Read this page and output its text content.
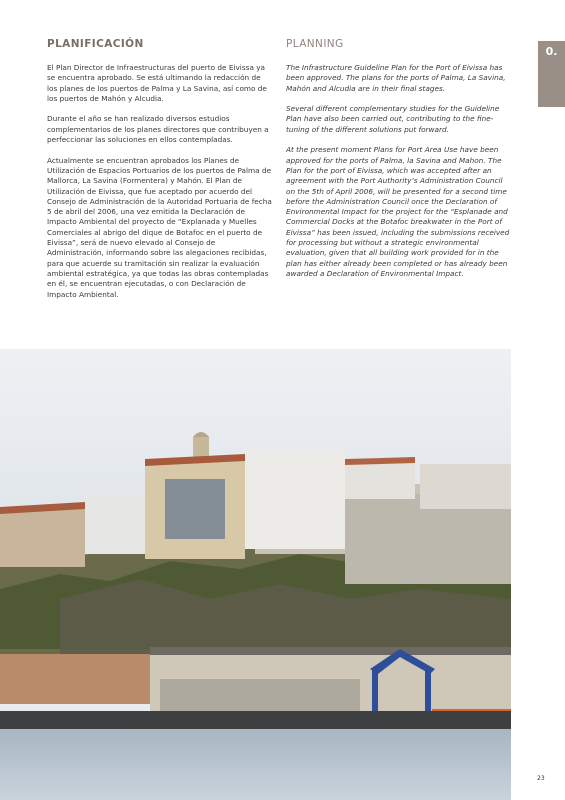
PLANIFICACIÓN

El Plan Director de Infraestructuras del puerto de Eivissa ya se encuentra aprobado. Se está ultimando la redacción de los planes de los puertos de Palma y La Savina, así como de los puertos de Mahón y Alcudia.

Durante el año se han realizado diversos estudios complementarios de los planes directores que contribuyen a perfeccionar las soluciones en ellos contempladas.

Actualmente se encuentran aprobados los Planes de Utilización de Espacios Portuarios de los puertos de Palma de Mallorca, La Savina (Formentera) y Mahón. El Plan de Utilización de Eivissa, que fue aceptado por acuerdo del Consejo de Administración de la Autoridad Portuaria de fecha 5 de abril del 2006, una vez emitida la Declaración de Impacto Ambiental del proyecto de “Explanada y Muelles Comerciales al abrigo del dique de Botafoc en el puerto de Eivissa”, será de nuevo elevado al Consejo de Administración, informando sobre las alegaciones recibidas, para que acuerde su tramitación sin realizar la evaluación ambiental estratégica, ya que todas las obras contempladas en él, se encuentran ejecutadas, o con Declaración de Impacto Ambiental.

PLANNING

The Infrastructure Guideline Plan for the Port of Eivissa has been approved. The plans for the ports of Palma, La Savina, Mahón and Alcudia are in their final stages.

Several different complementary studies for the Guideline Plan have also been carried out, contributing to the fine-tuning of the different solutions put forward.

At the present moment Plans for Port Area Use have been approved for the ports of Palma, la Savina and Mahon. The Plan for the port of Eivissa, which was accepted after an agreement with the Port Authority’s Administration Council on the 5th of April 2006, will be presented for a second time before the Administration Council once the Declaration of Environmental Impact for the project for the “Esplanade and Commercial Docks at the Botafoc breakwater in the Port of Eivissa” has been issued, including the submissions received for processing but without a strategic environmental evaluation, given that all building work provided for in the plan has either already been completed or has already been awarded a Declaration of Environmental Impact.

0.
23
